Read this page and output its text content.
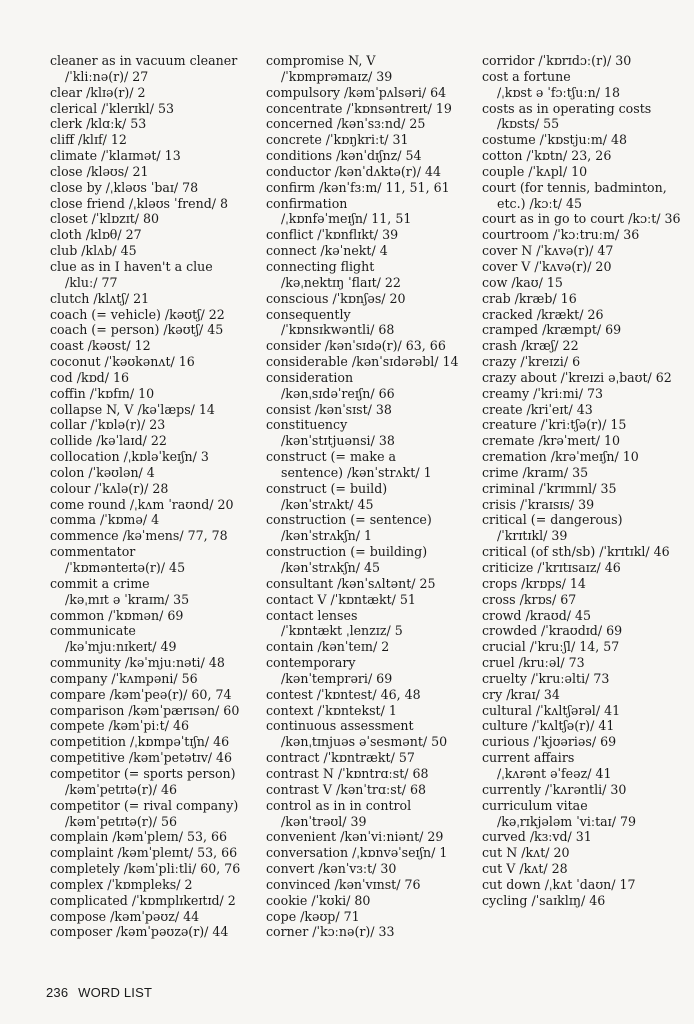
cleaner as in vacuum cleaner
/ˈkliːnə(r)/ 27
clear /klɪə(r)/ 2
clerical /ˈklerɪkl/ 53
clerk /klɑːk/ 53
cliff /klɪf/ 12
climate /ˈklaɪmət/ 13
close /kləʊs/ 21
close by /ˌkləʊs ˈbaɪ/ 78
close friend /ˌkləʊs ˈfrend/ 8
closet /ˈklɒzɪt/ 80
cloth /klɒθ/ 27
club /klʌb/ 45
clue as in I haven't a clue
/kluː/ 77
clutch /klʌtʃ/ 21
coach (= vehicle) /kəʊtʃ/ 22
coach (= person) /kəʊtʃ/ 45
coast /kəʊst/ 12
coconut /ˈkəʊkənʌt/ 16
cod /kɒd/ 16
coffin /ˈkɒfɪn/ 10
collapse N, V /kəˈlæps/ 14
collar /ˈkɒlə(r)/ 23
collide /kəˈlaɪd/ 22
collocation /ˌkɒləˈkeɪʃn/ 3
colon /ˈkəʊlən/ 4
colour /ˈkʌlə(r)/ 28
come round /ˌkʌm ˈraʊnd/ 20
comma /ˈkɒmə/ 4
commence /kəˈmens/ 77, 78
commentator
/ˈkɒmənteɪtə(r)/ 45
commit a crime
/kəˌmɪt ə ˈkraɪm/ 35
common /ˈkɒmən/ 69
communicate
/kəˈmjuːnɪkeɪt/ 49
community /kəˈmjuːnəti/ 48
company /ˈkʌmpəni/ 56
compare /kəmˈpeə(r)/ 60, 74
comparison /kəmˈpærɪsən/ 60
compete /kəmˈpiːt/ 46
competition /ˌkɒmpəˈtɪʃn/ 46
competitive /kəmˈpetətɪv/ 46
competitor (= sports person)
/kəmˈpetɪtə(r)/ 46
competitor (= rival company)
/kəmˈpetɪtə(r)/ 56
complain /kəmˈpleɪn/ 53, 66
complaint /kəmˈpleɪnt/ 53, 66
completely /kəmˈpliːtli/ 60, 76
complex /ˈkɒmpleks/ 2
complicated /ˈkɒmplɪkeɪtɪd/ 2
compose /kəmˈpəʊz/ 44
composer /kəmˈpəʊzə(r)/ 44
compromise N, V
/ˈkɒmprəmaɪz/ 39
compulsory /kəmˈpʌlsəri/ 64
concentrate /ˈkɒnsəntreɪt/ 19
concerned /kənˈsɜːnd/ 25
concrete /ˈkɒŋkriːt/ 31
conditions /kənˈdɪʃnz/ 54
conductor /kənˈdʌktə(r)/ 44
confirm /kənˈfɜːm/ 11, 51, 61
confirmation
/ˌkɒnfəˈmeɪʃn/ 11, 51
conflict /ˈkɒnflɪkt/ 39
connect /kəˈnekt/ 4
connecting flight
/kəˌnektɪŋ ˈflaɪt/ 22
conscious /ˈkɒnʃəs/ 20
consequently
/ˈkɒnsɪkwəntli/ 68
consider /kənˈsɪdə(r)/ 63, 66
considerable /kənˈsɪdərəbl/ 14
consideration
/kənˌsɪdəˈreɪʃn/ 66
consist /kənˈsɪst/ 38
constituency
/kənˈstɪtjuənsi/ 38
construct (= make a
sentence) /kənˈstrʌkt/ 1
construct (= build)
/kənˈstrʌkt/ 45
construction (= sentence)
/kənˈstrʌkʃn/ 1
construction (= building)
/kənˈstrʌkʃn/ 45
consultant /kənˈsʌltənt/ 25
contact V /ˈkɒntækt/ 51
contact lenses
/ˈkɒntækt ˌlenzɪz/ 5
contain /kənˈteɪn/ 2
contemporary
/kənˈtemprəri/ 69
contest /ˈkɒntest/ 46, 48
context /ˈkɒntekst/ 1
continuous assessment
/kənˌtɪnjuəs əˈsesmənt/ 50
contract /ˈkɒntrækt/ 57
contrast N /ˈkɒntrɑːst/ 68
contrast V /kənˈtrɑːst/ 68
control as in in control
/kənˈtrəʊl/ 39
convenient /kənˈviːniənt/ 29
conversation /ˌkɒnvəˈseɪʃn/ 1
convert /kənˈvɜːt/ 30
convinced /kənˈvɪnst/ 76
cookie /ˈkʊki/ 80
cope /kəʊp/ 71
corner /ˈkɔːnə(r)/ 33
corridor /ˈkɒrɪdɔː(r)/ 30
cost a fortune
/ˌkɒst ə ˈfɔːtʃuːn/ 18
costs as in operating costs
/kɒsts/ 55
costume /ˈkɒstjuːm/ 48
cotton /ˈkɒtn/ 23, 26
couple /ˈkʌpl/ 10
court (for tennis, badminton,
etc.) /kɔːt/ 45
court as in go to court /kɔːt/ 36
courtroom /ˈkɔːtruːm/ 36
cover N /ˈkʌvə(r)/ 47
cover V /ˈkʌvə(r)/ 20
cow /kaʊ/ 15
crab /kræb/ 16
cracked /krækt/ 26
cramped /kræmpt/ 69
crash /kræʃ/ 22
crazy /ˈkreɪzi/ 6
crazy about /ˈkreɪzi əˌbaʊt/ 62
creamy /ˈkriːmi/ 73
create /kriˈeɪt/ 43
creature /ˈkriːtʃə(r)/ 15
cremate /krəˈmeɪt/ 10
cremation /krəˈmeɪʃn/ 10
crime /kraɪm/ 35
criminal /ˈkrɪmɪnl/ 35
crisis /ˈkraɪsɪs/ 39
critical (= dangerous)
/ˈkrɪtɪkl/ 39
critical (of sth/sb) /ˈkrɪtɪkl/ 46
criticize /ˈkrɪtɪsaɪz/ 46
crops /krɒps/ 14
cross /krɒs/ 67
crowd /kraʊd/ 45
crowded /ˈkraʊdɪd/ 69
crucial /ˈkruːʃl/ 14, 57
cruel /kruːəl/ 73
cruelty /ˈkruːəlti/ 73
cry /kraɪ/ 34
cultural /ˈkʌltʃərəl/ 41
culture /ˈkʌltʃə(r)/ 41
curious /ˈkjʊəriəs/ 69
current affairs
/ˌkʌrənt əˈfeəz/ 41
currently /ˈkʌrəntli/ 30
curriculum vitae
/kəˌrɪkjələm ˈviːtaɪ/ 79
curved /kɜːvd/ 31
cut N /kʌt/ 20
cut V /kʌt/ 28
cut down /ˌkʌt ˈdaʊn/ 17
cycling /ˈsaɪklɪŋ/ 46
236 WORD LIST
